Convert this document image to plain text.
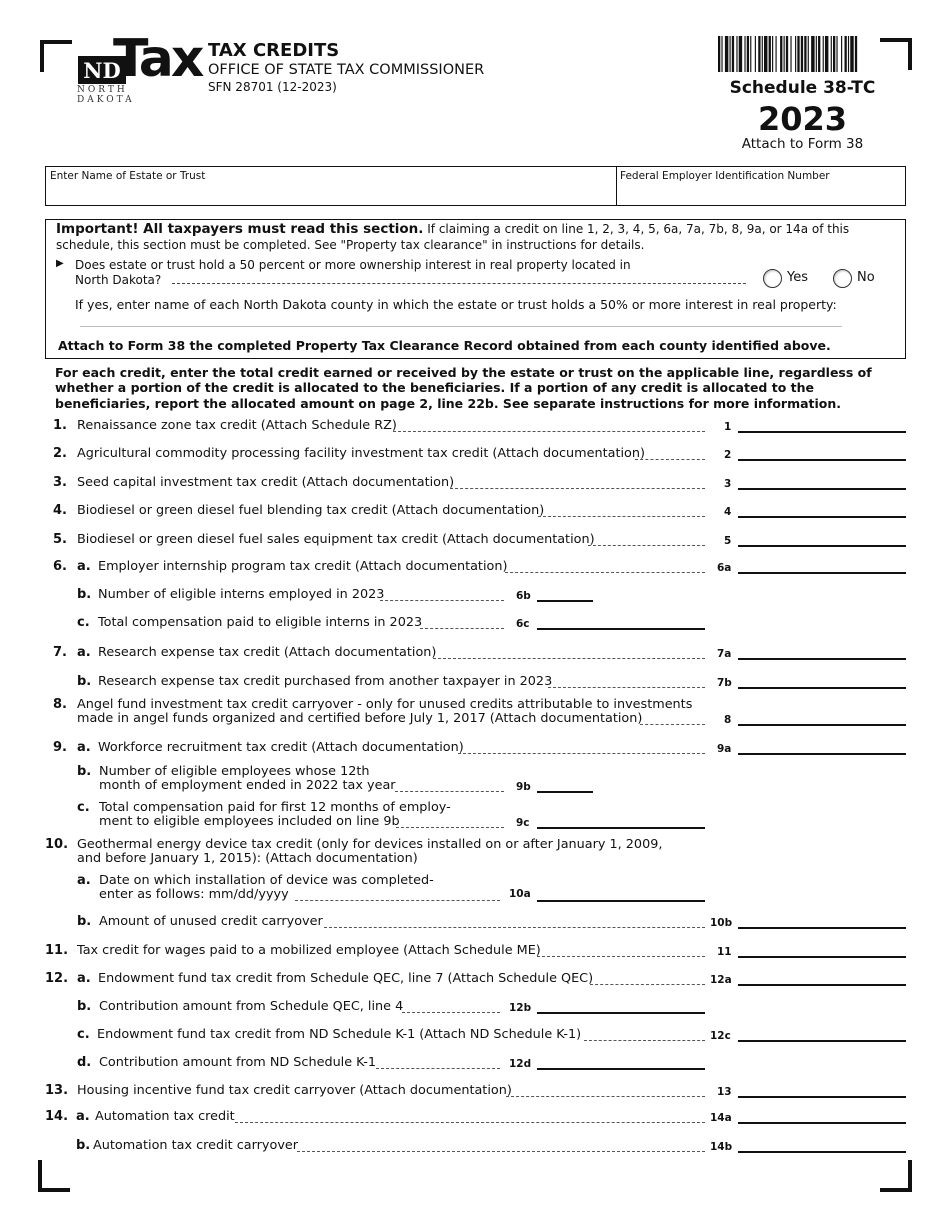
ND
Tax
NORTH DAKOTA
TAX CREDITS
OFFICE OF STATE TAX COMMISSIONER
SFN 28701 (12-2023)	Schedule 38-TC
2023
Attach to Form 38
Enter Name of Estate or Trust	Federal Employer Identification Number
Important! All taxpayers must read this section. If claiming a credit on line 1, 2, 3, 4, 5, 6a, 7a, 7b, 8, 9a, or 14a of this schedule, this section must be completed. See "Property tax clearance" in instructions for details.
▶ Does estate or trust hold a 50 percent or more ownership interest in real property located in
North Dakota?	Yes	No
If yes, enter name of each North Dakota county in which the estate or trust holds a 50% or more interest in real property:
Attach to Form 38 the completed Property Tax Clearance Record obtained from each county identified above.
For each credit, enter the total credit earned or received by the estate or trust on the applicable line, regardless of whether a portion of the credit is allocated to the beneficiaries. If a portion of any credit is allocated to the beneficiaries, report the allocated amount on page 2, line 22b. See separate instructions for more information.
1. Renaissance zone tax credit (Attach Schedule RZ)	1
2. Agricultural commodity processing facility investment tax credit (Attach documentation)	2
3. Seed capital investment tax credit (Attach documentation)	3
4. Biodiesel or green diesel fuel blending tax credit (Attach documentation)	4
5. Biodiesel or green diesel fuel sales equipment tax credit (Attach documentation)	5
6. a. Employer internship program tax credit (Attach documentation)	6a
b. Number of eligible interns employed in 2023	6b
c. Total compensation paid to eligible interns in 2023	6c
7. a. Research expense tax credit (Attach documentation)	7a
b. Research expense tax credit purchased from another taxpayer in 2023	7b
8. Angel fund investment tax credit carryover - only for unused credits attributable to investments
made in angel funds organized and certified before July 1, 2017 (Attach documentation)	8
9. a. Workforce recruitment tax credit (Attach documentation)	9a
b. Number of eligible employees whose 12th
month of employment ended in 2022 tax year	9b
c. Total compensation paid for first 12 months of employ-
ment to eligible employees included on line 9b	9c
10. Geothermal energy device tax credit (only for devices installed on or after January 1, 2009,
and before January 1, 2015): (Attach documentation)
a. Date on which installation of device was completed-
enter as follows: mm/dd/yyyy	10a
b. Amount of unused credit carryover	10b
11. Tax credit for wages paid to a mobilized employee (Attach Schedule ME)	11
12. a. Endowment fund tax credit from Schedule QEC, line 7 (Attach Schedule QEC)	12a
b. Contribution amount from Schedule QEC, line 4	12b
c. Endowment fund tax credit from ND Schedule K-1 (Attach ND Schedule K-1)	12c
d. Contribution amount from ND Schedule K-1	12d
13. Housing incentive fund tax credit carryover (Attach documentation)	13
14. a. Automation tax credit	14a
b. Automation tax credit carryover	14b
